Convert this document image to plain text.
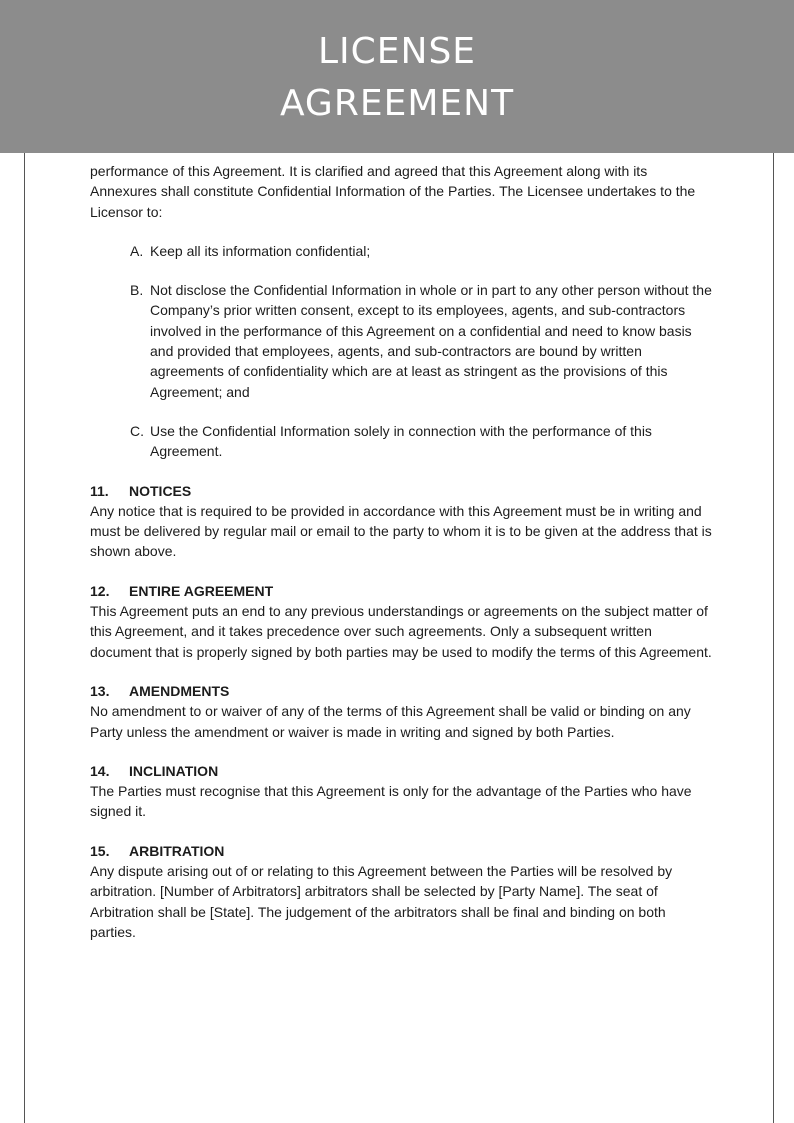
LICENSE
AGREEMENT

performance of this Agreement. It is clarified and agreed that this Agreement along with its Annexures shall constitute Confidential Information of the Parties. The Licensee undertakes to the Licensor to:

A. Keep all its information confidential;
B. Not disclose the Confidential Information in whole or in part to any other person without the Company’s prior written consent, except to its employees, agents, and sub-contractors involved in the performance of this Agreement on a confidential and need to know basis and provided that employees, agents, and sub-contractors are bound by written agreements of confidentiality which are at least as stringent as the provisions of this Agreement; and
C. Use the Confidential Information solely in connection with the performance of this Agreement.
11.	NOTICES

Any notice that is required to be provided in accordance with this Agreement must be in writing and must be delivered by regular mail or email to the party to whom it is to be given at the address that is shown above.

12.	ENTIRE AGREEMENT

This Agreement puts an end to any previous understandings or agreements on the subject matter of this Agreement, and it takes precedence over such agreements. Only a subsequent written document that is properly signed by both parties may be used to modify the terms of this Agreement.

13.	AMENDMENTS

No amendment to or waiver of any of the terms of this Agreement shall be valid or binding on any Party unless the amendment or waiver is made in writing and signed by both Parties.

14.	INCLINATION

The Parties must recognise that this Agreement is only for the advantage of the Parties who have signed it.

15.	ARBITRATION

Any dispute arising out of or relating to this Agreement between the Parties will be resolved by arbitration. [Number of Arbitrators] arbitrators shall be selected by [Party Name]. The seat of Arbitration shall be [State]. The judgement of the arbitrators shall be final and binding on both parties.
